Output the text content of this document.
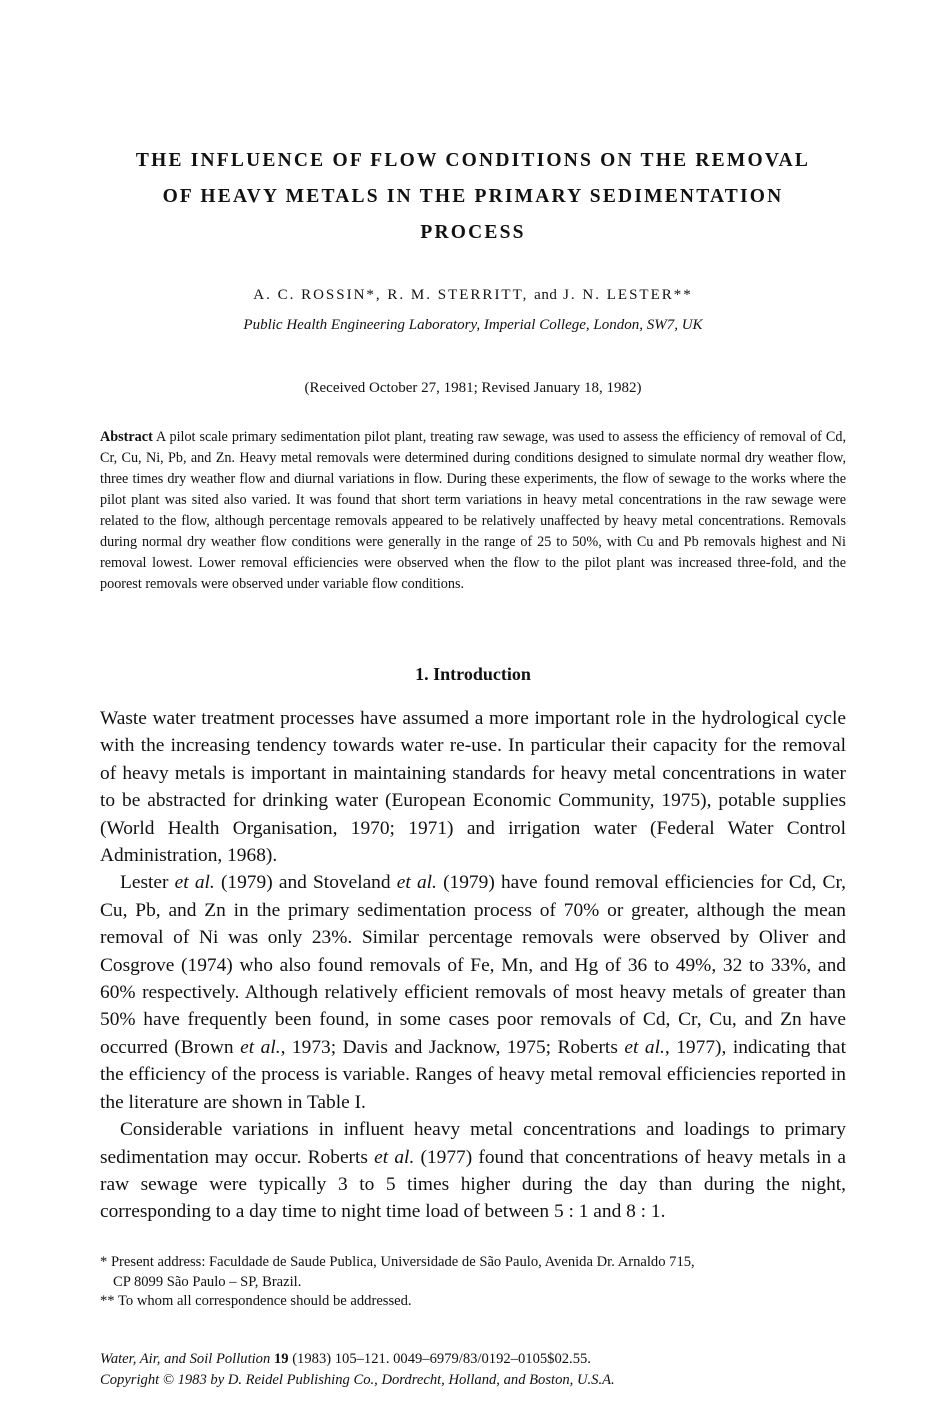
THE INFLUENCE OF FLOW CONDITIONS ON THE REMOVAL
OF HEAVY METALS IN THE PRIMARY SEDIMENTATION
PROCESS
A. C. ROSSIN*, R. M. STERRITT, and J. N. LESTER**
Public Health Engineering Laboratory, Imperial College, London, SW7, UK
(Received October 27, 1981; Revised January 18, 1982)

Abstract A pilot scale primary sedimentation pilot plant, treating raw sewage, was used to assess the efficiency of removal of Cd, Cr, Cu, Ni, Pb, and Zn. Heavy metal removals were determined during conditions designed to simulate normal dry weather flow, three times dry weather flow and diurnal variations in flow. During these experiments, the flow of sewage to the works where the pilot plant was sited also varied. It was found that short term variations in heavy metal concentrations in the raw sewage were related to the flow, although percentage removals appeared to be relatively unaffected by heavy metal concentrations. Removals during normal dry weather flow conditions were generally in the range of 25 to 50%, with Cu and Pb removals highest and Ni removal lowest. Lower removal efficiencies were observed when the flow to the pilot plant was increased three-fold, and the poorest removals were observed under variable flow conditions.

1. Introduction

Waste water treatment processes have assumed a more important role in the hydrological cycle with the increasing tendency towards water re-use. In particular their capacity for the removal of heavy metals is important in maintaining standards for heavy metal concentrations in water to be abstracted for drinking water (European Economic Community, 1975), potable supplies (World Health Organisation, 1970; 1971) and irrigation water (Federal Water Control Administration, 1968).

Lester et al. (1979) and Stoveland et al. (1979) have found removal efficiencies for Cd, Cr, Cu, Pb, and Zn in the primary sedimentation process of 70% or greater, although the mean removal of Ni was only 23%. Similar percentage removals were observed by Oliver and Cosgrove (1974) who also found removals of Fe, Mn, and Hg of 36 to 49%, 32 to 33%, and 60% respectively. Although relatively efficient removals of most heavy metals of greater than 50% have frequently been found, in some cases poor removals of Cd, Cr, Cu, and Zn have occurred (Brown et al., 1973; Davis and Jacknow, 1975; Roberts et al., 1977), indicating that the efficiency of the process is variable. Ranges of heavy metal removal efficiencies reported in the literature are shown in Table I.

Considerable variations in influent heavy metal concentrations and loadings to primary sedimentation may occur. Roberts et al. (1977) found that concentrations of heavy metals in a raw sewage were typically 3 to 5 times higher during the day than during the night, corresponding to a day time to night time load of between 5 : 1 and 8 : 1.

* Present address: Faculdade de Saude Publica, Universidade de São Paulo, Avenida Dr. Arnaldo 715,

CP 8099 São Paulo – SP, Brazil.

** To whom all correspondence should be addressed.

Water, Air, and Soil Pollution 19 (1983) 105–121. 0049–6979/83/0192–0105$02.55.

Copyright © 1983 by D. Reidel Publishing Co., Dordrecht, Holland, and Boston, U.S.A.
